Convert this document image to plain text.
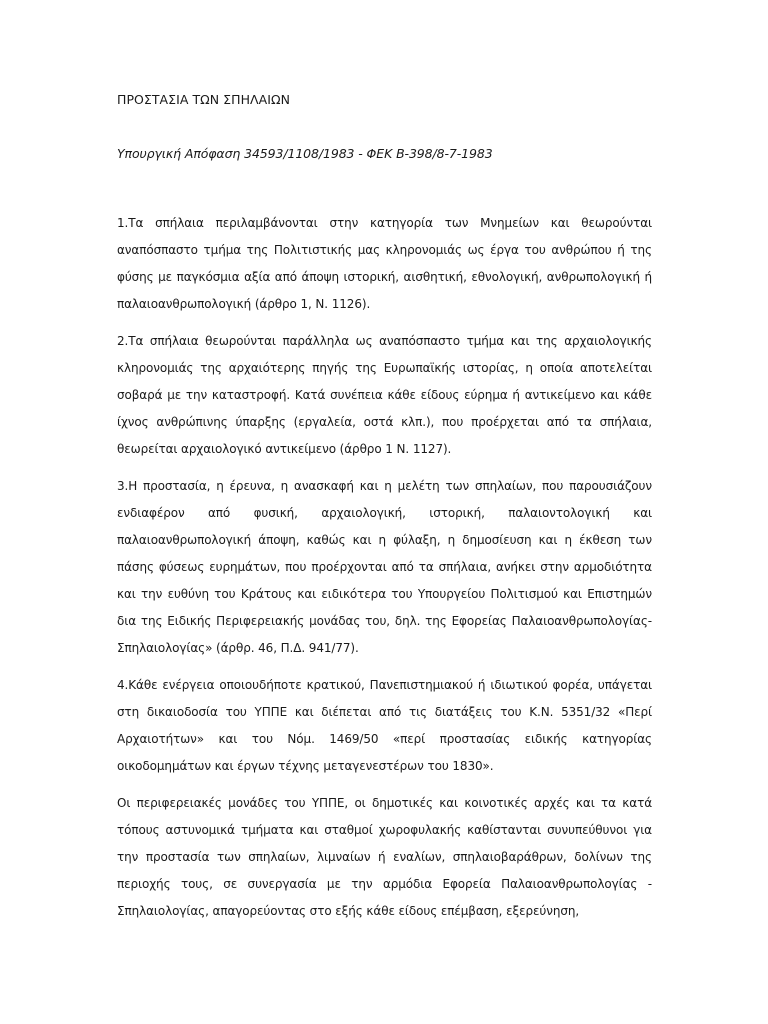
ΠΡΟΣΤΑΣΙΑ ΤΩΝ ΣΠΗΛΑΙΩΝ
Υπουργική Απόφαση 34593/1108/1983 - ΦΕΚ Β-398/8-7-1983

1.Τα σπήλαια περιλαμβάνονται στην κατηγορία των Μνημείων και θεωρούνται αναπόσπαστο τμήμα της Πολιτιστικής μας κληρονομιάς ως έργα του ανθρώπου ή της φύσης με παγκόσμια αξία από άποψη ιστορική, αισθητική, εθνολογική, ανθρωπολογική ή παλαιοανθρωπολογική (άρθρο 1, Ν. 1126).

2.Τα σπήλαια θεωρούνται παράλληλα ως αναπόσπαστο τμήμα και της αρχαιολογικής κληρονομιάς της αρχαιότερης πηγής της Ευρωπαϊκής ιστορίας, η οποία αποτελείται σοβαρά με την καταστροφή. Κατά συνέπεια κάθε είδους εύρημα ή αντικείμενο και κάθε ίχνος ανθρώπινης ύπαρξης (εργαλεία, οστά κλπ.), που προέρχεται από τα σπήλαια, θεωρείται αρχαιολογικό αντικείμενο (άρθρο 1 Ν. 1127).

3.Η προστασία, η έρευνα, η ανασκαφή και η μελέτη των σπηλαίων, που παρουσιάζουν ενδιαφέρον από φυσική, αρχαιολογική, ιστορική, παλαιοντολογική και παλαιοανθρωπολογική άποψη, καθώς και η φύλαξη, η δημοσίευση και η έκθεση των πάσης φύσεως ευρημάτων, που προέρχονται από τα σπήλαια, ανήκει στην αρμοδιότητα και την ευθύνη του Κράτους και ειδικότερα του Υπουργείου Πολιτισμού και Επιστημών δια της Ειδικής Περιφερειακής μονάδας του, δηλ. της Εφορείας Παλαιοανθρωπολογίας-Σπηλαιολογίας» (άρθρ. 46, Π.Δ. 941/77).

4.Κάθε ενέργεια οποιουδήποτε κρατικού, Πανεπιστημιακού ή ιδιωτικού φορέα, υπάγεται στη δικαιοδοσία του ΥΠΠΕ και διέπεται από τις διατάξεις του Κ.Ν. 5351/32 «Περί Αρχαιοτήτων» και του Νόμ. 1469/50 «περί προστασίας ειδικής κατηγορίας οικοδομημάτων και έργων τέχνης μεταγενεστέρων του 1830».

Οι περιφερειακές μονάδες του ΥΠΠΕ, οι δημοτικές και κοινοτικές αρχές και τα κατά τόπους αστυνομικά τμήματα και σταθμοί χωροφυλακής καθίστανται συνυπεύθυνοι για την προστασία των σπηλαίων, λιμναίων ή εναλίων, σπηλαιοβαράθρων, δολίνων της περιοχής τους, σε συνεργασία με την αρμόδια Εφορεία Παλαιοανθρωπολογίας - Σπηλαιολογίας, απαγορεύοντας στο εξής κάθε είδους επέμβαση, εξερεύνηση,
